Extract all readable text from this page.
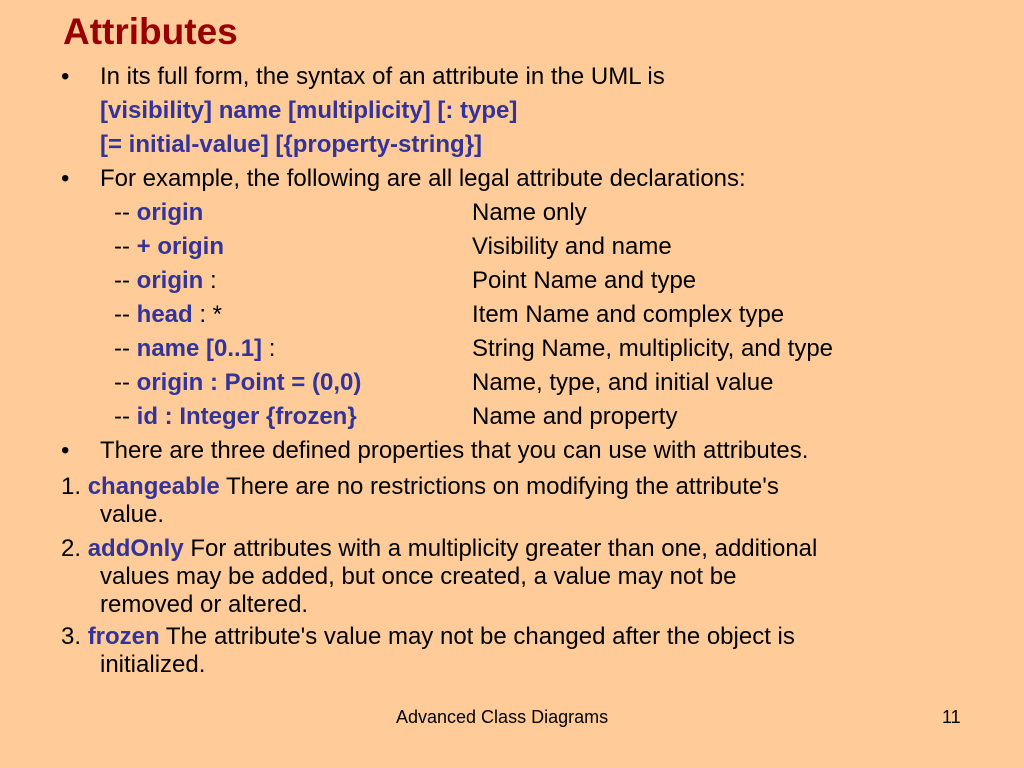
Attributes
• In its full form, the syntax of an attribute in the UML is
[visibility] name [multiplicity] [: type]
[= initial-value] [{property-string}]
• For example, the following are all legal attribute declarations:
-- origin	Name only
-- + origin	Visibility and name
-- origin :	Point Name and type
-- head : *	Item Name and complex type
-- name [0..1] :	String Name, multiplicity, and type
-- origin : Point = (0,0)	Name, type, and initial value
-- id : Integer {frozen}	Name and property
• There are three defined properties that you can use with attributes.
1. changeable There are no restrictions on modifying the attribute's
value.
2. addOnly For attributes with a multiplicity greater than one, additional
values may be added, but once created, a value may not be
removed or altered.
3. frozen The attribute's value may not be changed after the object is
initialized.
Advanced Class Diagrams	11
